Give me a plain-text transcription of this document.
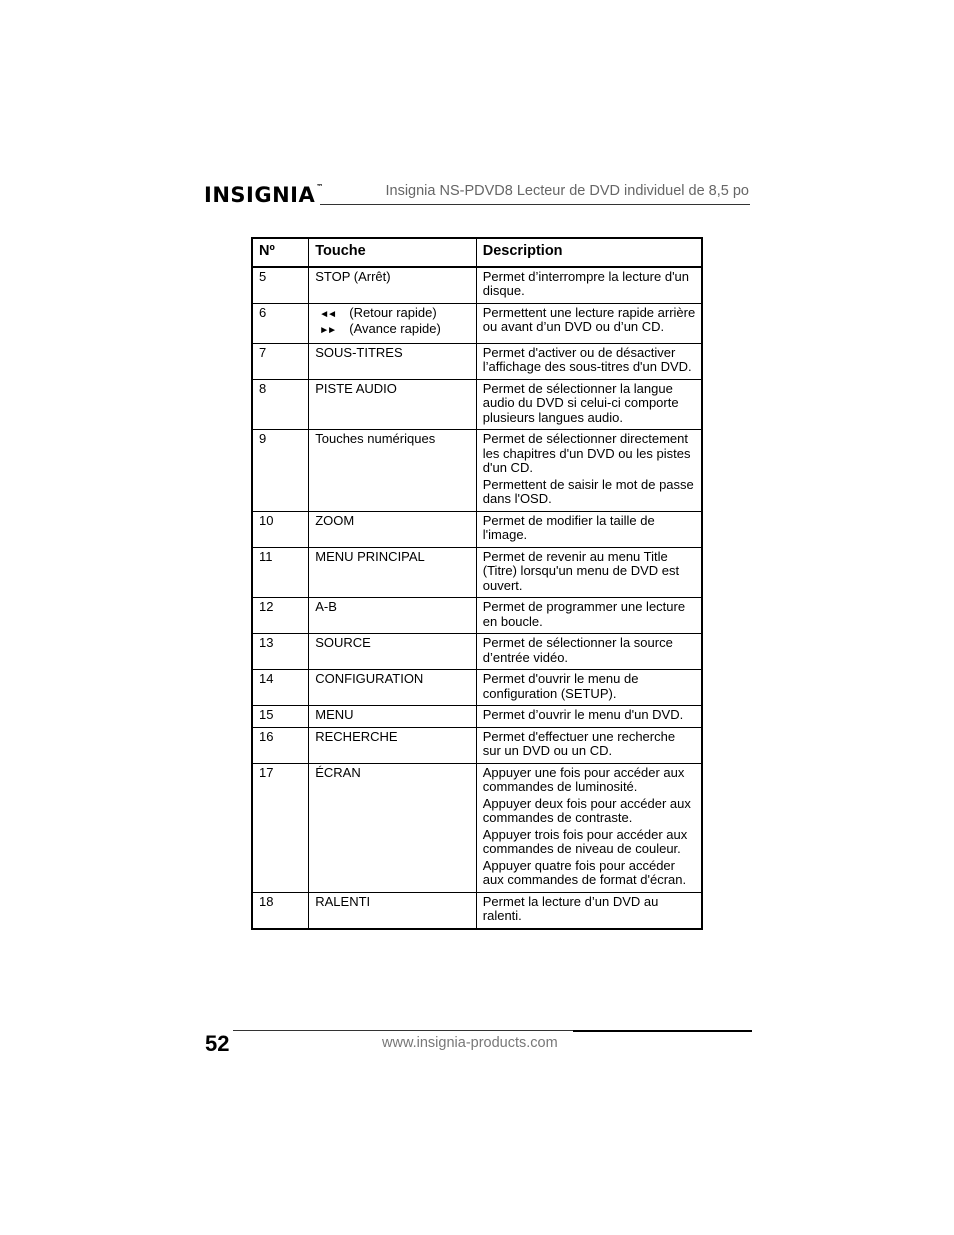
INSIGNIA™	Insignia NS-PDVD8 Lecteur de DVD individuel de 8,5 po
Nº	Touche	Description
5	STOP (Arrêt)	Permet d’interrompre la lecture d'un disque.

6	◄◄ (Retour rapide)
►► (Avance rapide)	Permettent une lecture rapide arrière ou avant d’un DVD ou d’un CD.

7	SOUS-TITRES	Permet d'activer ou de désactiver l’affichage des sous-titres d'un DVD.

8	PISTE AUDIO	Permet de sélectionner la langue audio du DVD si celui-ci comporte plusieurs langues audio.

9	Touches numériques	Permet de sélectionner directement les chapitres d'un DVD ou les pistes d'un CD.

Permettent de saisir le mot de passe dans l'OSD.

10	ZOOM	Permet de modifier la taille de l'image.

11	MENU PRINCIPAL	Permet de revenir au menu Title (Titre) lorsqu'un menu de DVD est ouvert.

12	A-B	Permet de programmer une lecture en boucle.

13	SOURCE	Permet de sélectionner la source d’entrée vidéo.

14	CONFIGURATION	Permet d'ouvrir le menu de configuration (SETUP).

15	MENU	Permet d’ouvrir le menu d'un DVD.

16	RECHERCHE	Permet d'effectuer une recherche sur un DVD ou un CD.

17	ÉCRAN	Appuyer une fois pour accéder aux commandes de luminosité.

Appuyer deux fois pour accéder aux commandes de contraste.

Appuyer trois fois pour accéder aux commandes de niveau de couleur.

Appuyer quatre fois pour accéder aux commandes de format d'écran.

18	RALENTI	Permet la lecture d’un DVD au ralenti.

52	www.insignia-products.com
